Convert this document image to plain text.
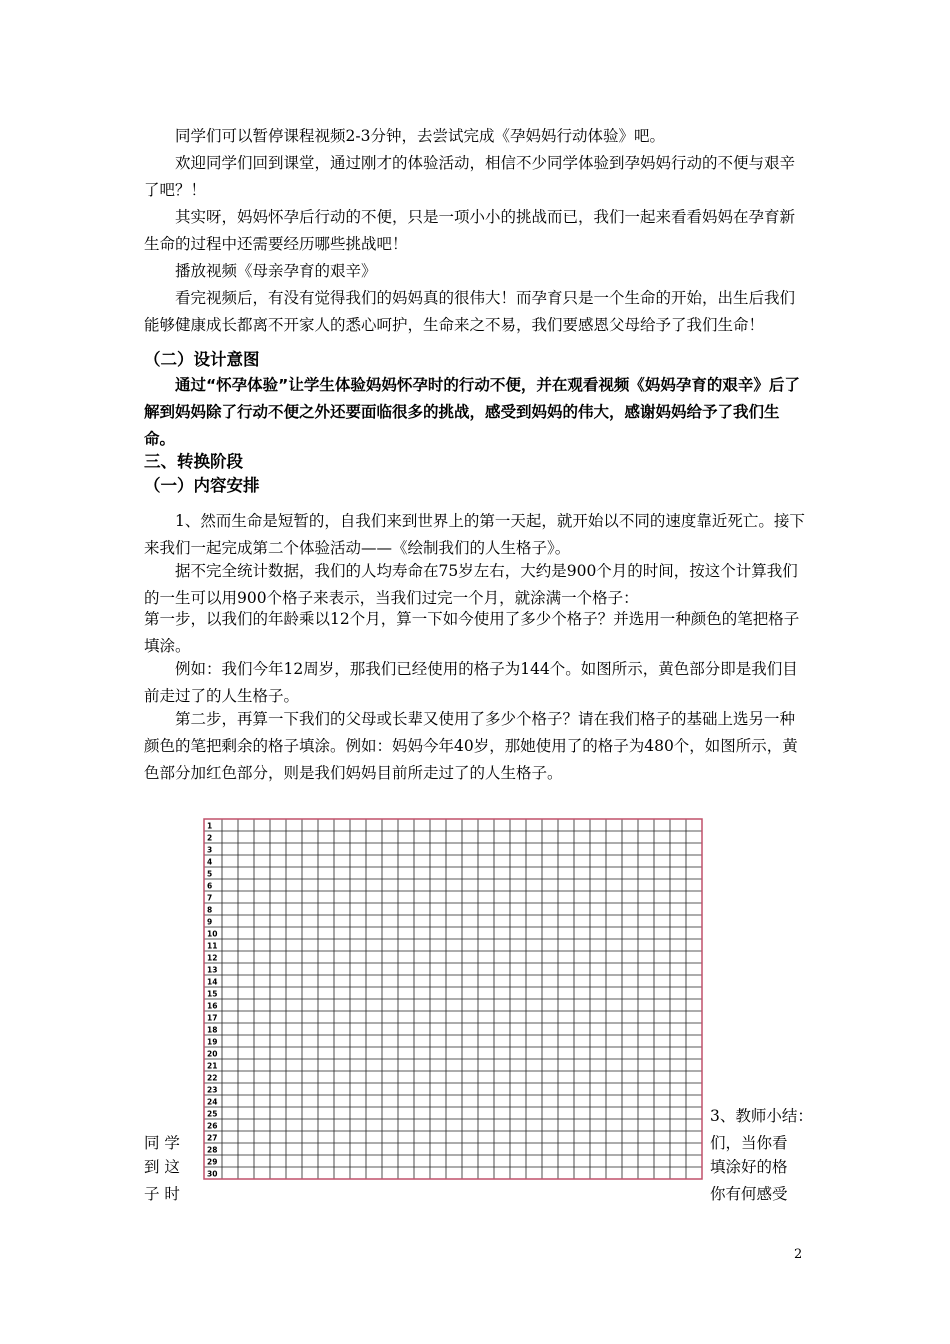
同学们可以暂停课程视频2-3分钟，去尝试完成《孕妈妈行动体验》吧。

欢迎同学们回到课堂，通过刚才的体验活动，相信不少同学体验到孕妈妈行动的不便与艰辛了吧？！

其实呀，妈妈怀孕后行动的不便，只是一项小小的挑战而已，我们一起来看看妈妈在孕育新生命的过程中还需要经历哪些挑战吧！

播放视频《母亲孕育的艰辛》

看完视频后，有没有觉得我们的妈妈真的很伟大！而孕育只是一个生命的开始，出生后我们能够健康成长都离不开家人的悉心呵护，生命来之不易，我们要感恩父母给予了我们生命！

（二）设计意图

通过“怀孕体验”让学生体验妈妈怀孕时的行动不便，并在观看视频《妈妈孕育的艰辛》后了解到妈妈除了行动不便之外还要面临很多的挑战，感受到妈妈的伟大，感谢妈妈给予了我们生命。

三、转换阶段
（一）内容安排

1、然而生命是短暂的，自我们来到世界上的第一天起，就开始以不同的速度靠近死亡。接下来我们一起完成第二个体验活动——《绘制我们的人生格子》。

据不完全统计数据，我们的人均寿命在75岁左右，大约是900个月的时间，按这个计算我们的一生可以用900个格子来表示，当我们过完一个月，就涂满一个格子：

第一步，以我们的年龄乘以12个月，算一下如今使用了多少个格子？并选用一种颜色的笔把格子填涂。

例如：我们今年12周岁，那我们已经使用的格子为144个。如图所示，黄色部分即是我们目前走过了的人生格子。

第二步，再算一下我们的父母或长辈又使用了多少个格子？请在我们格子的基础上选另一种颜色的笔把剩余的格子填涂。例如：妈妈今年40岁，那她使用了的格子为480个，如图所示，黄色部分加红色部分，则是我们妈妈目前所走过了的人生格子。

1
2
3
4
5
6
7
8
9
10
11
12
13
14
15
16
17
18
19
20
21
22
23
24
25
26
27
28
29
30
3、教师小结：
们，当你看
填涂好的格
你有何感受
同 学
到 这
子 时
2
